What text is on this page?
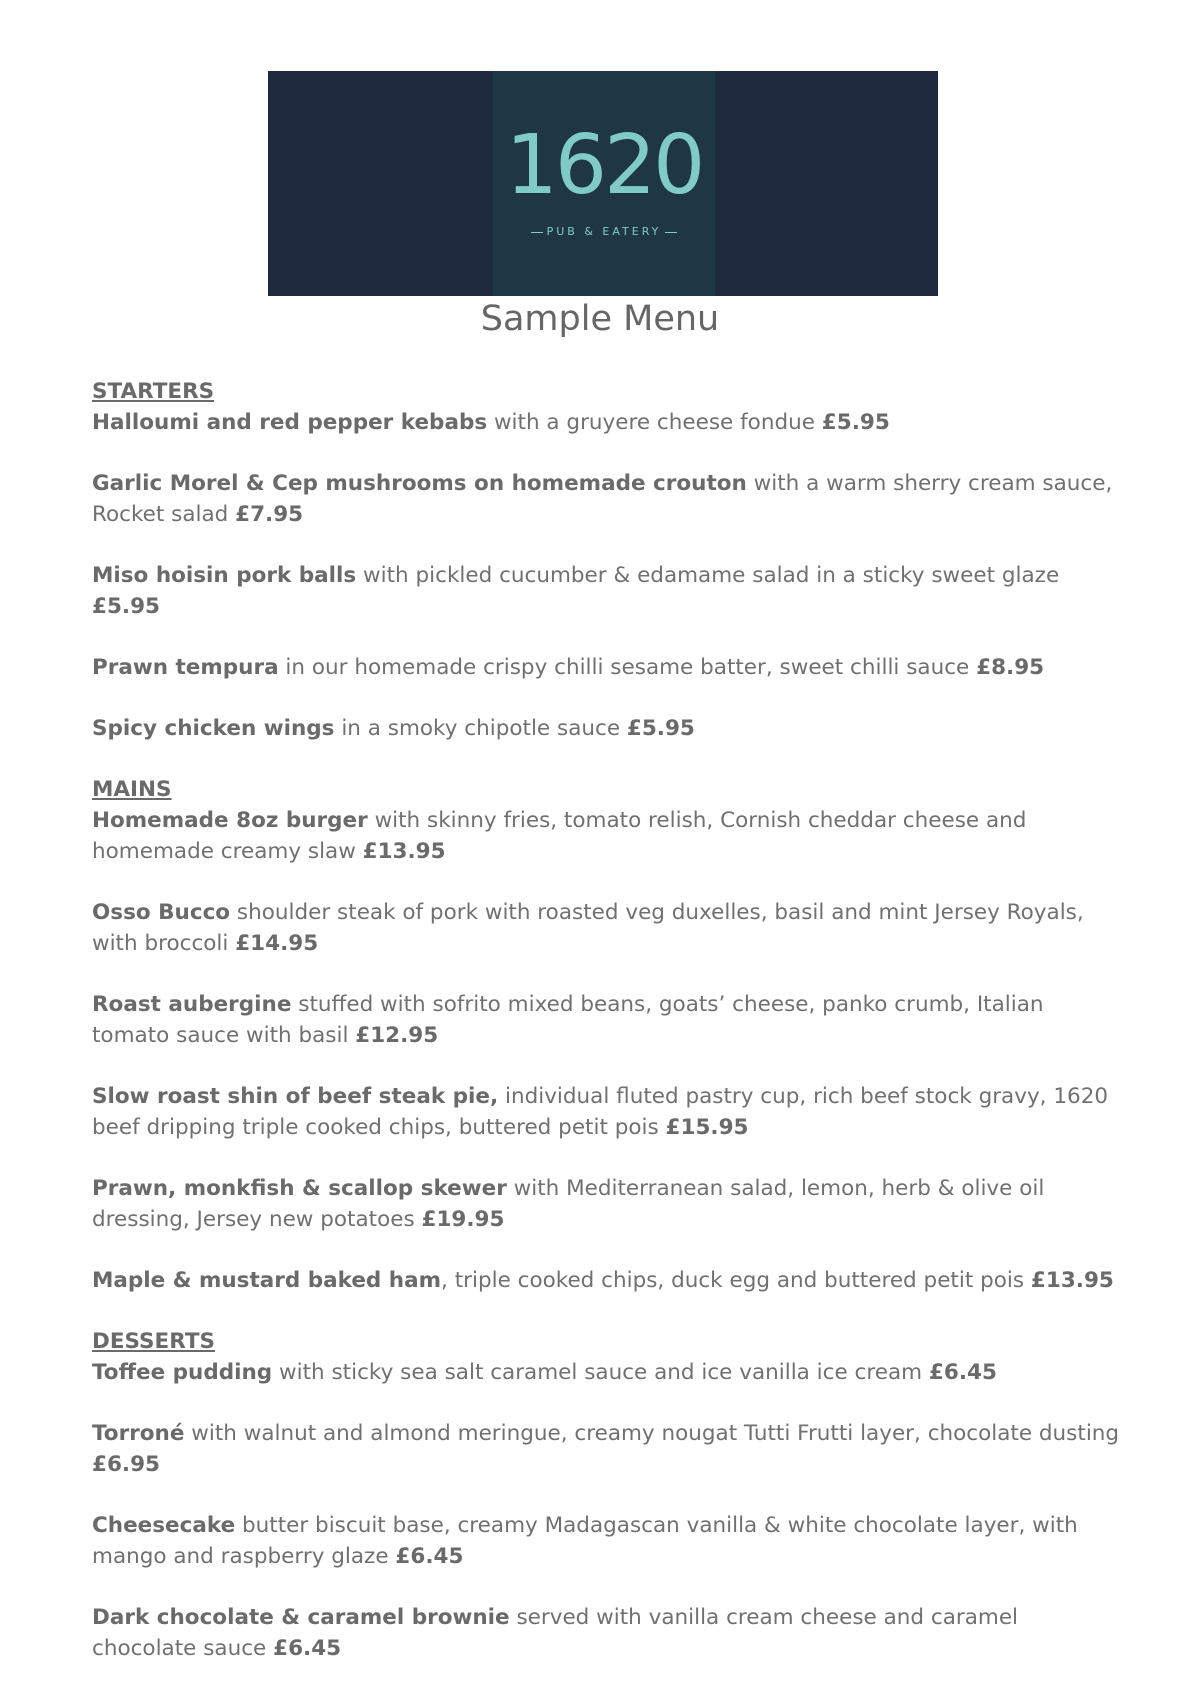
1620
PUB & EATERY
Sample Menu
STARTERS
Halloumi and red pepper kebabs with a gruyere cheese fondue £5.95
Garlic Morel & Cep mushrooms on homemade crouton with a warm sherry cream sauce, Rocket salad £7.95
Miso hoisin pork balls with pickled cucumber & edamame salad in a sticky sweet glaze £5.95
Prawn tempura in our homemade crispy chilli sesame batter, sweet chilli sauce £8.95
Spicy chicken wings in a smoky chipotle sauce £5.95
MAINS
Homemade 8oz burger with skinny fries, tomato relish, Cornish cheddar cheese and homemade creamy slaw £13.95
Osso Bucco shoulder steak of pork with roasted veg duxelles, basil and mint Jersey Royals, with broccoli £14.95
Roast aubergine stuffed with sofrito mixed beans, goats’ cheese, panko crumb, Italian tomato sauce with basil £12.95
Slow roast shin of beef steak pie, individual fluted pastry cup, rich beef stock gravy, 1620 beef dripping triple cooked chips, buttered petit pois £15.95
Prawn, monkfish & scallop skewer with Mediterranean salad, lemon, herb & olive oil dressing, Jersey new potatoes £19.95
Maple & mustard baked ham, triple cooked chips, duck egg and buttered petit pois £13.95
DESSERTS
Toffee pudding with sticky sea salt caramel sauce and ice vanilla ice cream £6.45
Torroné with walnut and almond meringue, creamy nougat Tutti Frutti layer, chocolate dusting £6.95
Cheesecake butter biscuit base, creamy Madagascan vanilla & white chocolate layer, with mango and raspberry glaze £6.45
Dark chocolate & caramel brownie served with vanilla cream cheese and caramel chocolate sauce £6.45
